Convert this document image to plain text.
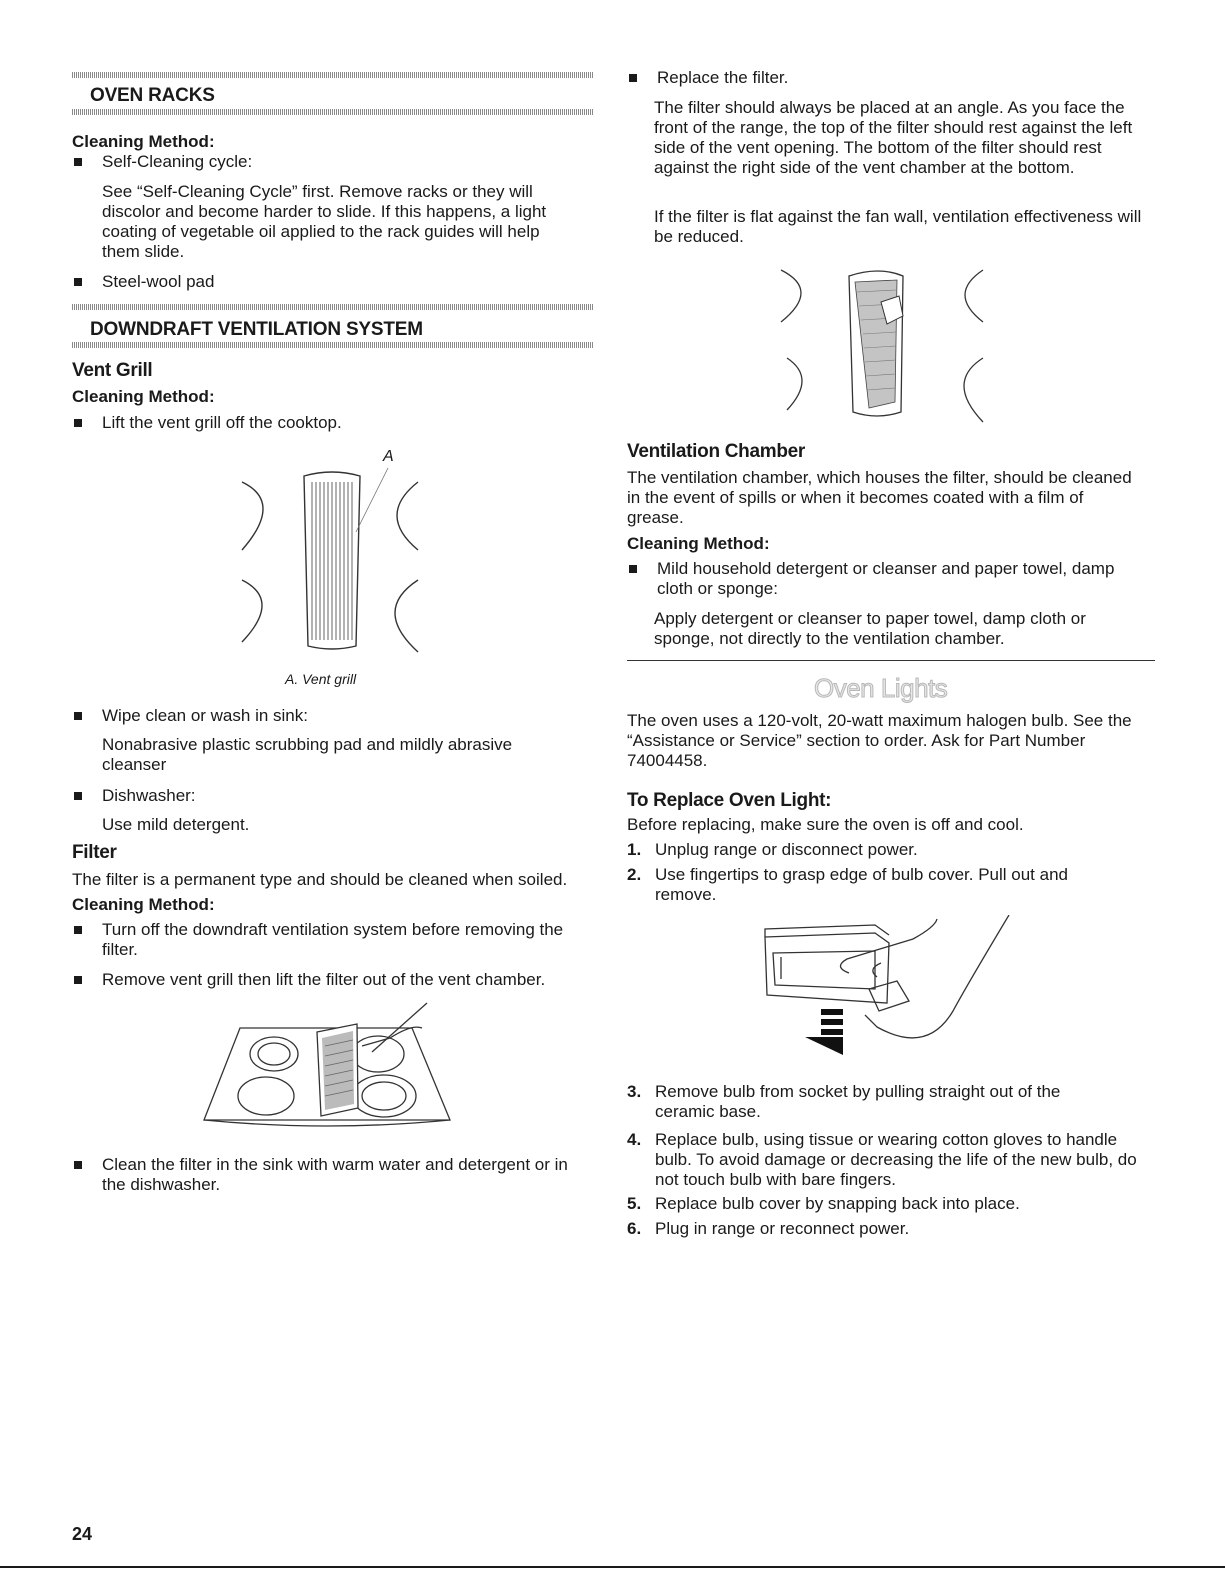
OVEN RACKS
Cleaning Method:
Self-Cleaning cycle:
See “Self-Cleaning Cycle” first. Remove racks or they will discolor and become harder to slide. If this happens, a light coating of vegetable oil applied to the rack guides will help them slide.
Steel-wool pad
DOWNDRAFT VENTILATION SYSTEM
Vent Grill
Cleaning Method:
Lift the vent grill off the cooktop.
A
A. Vent grill
Wipe clean or wash in sink:
Nonabrasive plastic scrubbing pad and mildly abrasive cleanser
Dishwasher:
Use mild detergent.
Filter
The filter is a permanent type and should be cleaned when soiled.
Cleaning Method:
Turn off the downdraft ventilation system before removing the filter.
Remove vent grill then lift the filter out of the vent chamber.
Clean the filter in the sink with warm water and detergent or in the dishwasher.
Replace the filter.
The filter should always be placed at an angle. As you face the front of the range, the top of the filter should rest against the left side of the vent opening. The bottom of the filter should rest against the right side of the vent chamber at the bottom.
If the filter is flat against the fan wall, ventilation effectiveness will be reduced.
Ventilation Chamber
The ventilation chamber, which houses the filter, should be cleaned in the event of spills or when it becomes coated with a film of grease.
Cleaning Method:
Mild household detergent or cleanser and paper towel, damp cloth or sponge:
Apply detergent or cleanser to paper towel, damp cloth or sponge, not directly to the ventilation chamber.
Oven Lights
The oven uses a 120-volt, 20-watt maximum halogen bulb. See the “Assistance or Service” section to order. Ask for Part Number 74004458.
To Replace Oven Light:
Before replacing, make sure the oven is off and cool.
1. Unplug range or disconnect power.
2. Use fingertips to grasp edge of bulb cover. Pull out and remove.
3. Remove bulb from socket by pulling straight out of the ceramic base.
4. Replace bulb, using tissue or wearing cotton gloves to handle bulb. To avoid damage or decreasing the life of the new bulb, do not touch bulb with bare fingers.
5. Replace bulb cover by snapping back into place.
6. Plug in range or reconnect power.
24
